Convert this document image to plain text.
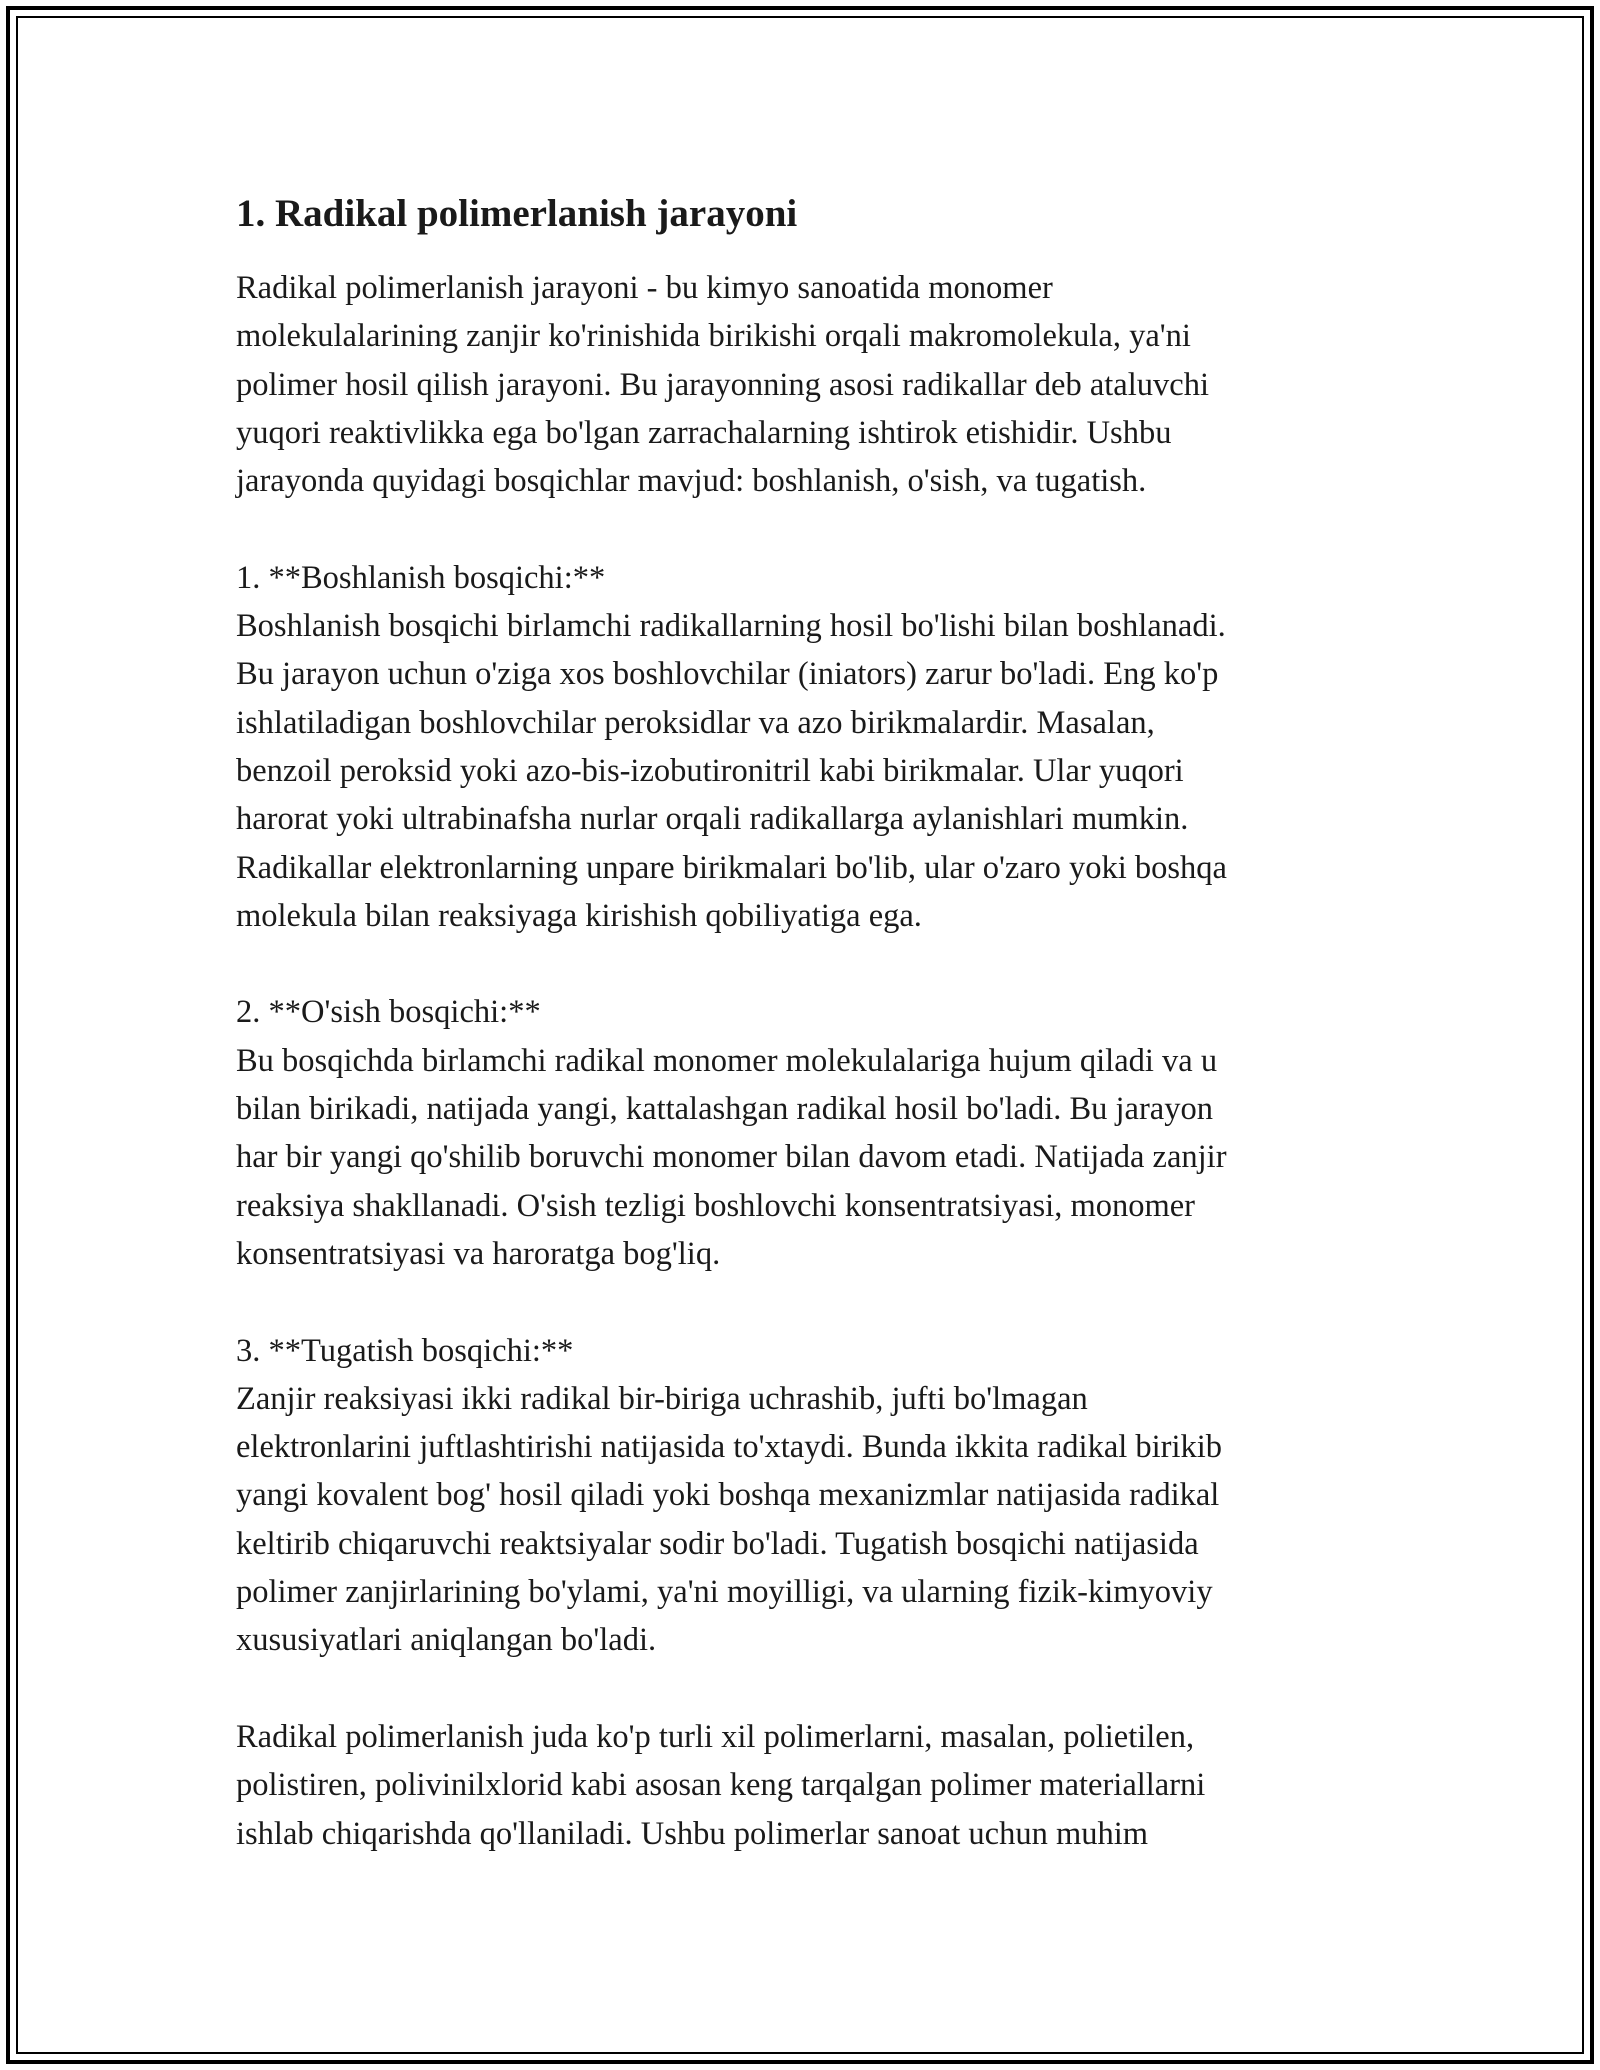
1. Radikal polimerlanish jarayoni

Radikal polimerlanish jarayoni - bu kimyo sanoatida monomer
molekulalarining zanjir ko'rinishida birikishi orqali makromolekula, ya'ni
polimer hosil qilish jarayoni. Bu jarayonning asosi radikallar deb ataluvchi
yuqori reaktivlikka ega bo'lgan zarrachalarning ishtirok etishidir. Ushbu
jarayonda quyidagi bosqichlar mavjud: boshlanish, o'sish, va tugatish.

1. **Boshlanish bosqichi:**

Boshlanish bosqichi birlamchi radikallarning hosil bo'lishi bilan boshlanadi.
Bu jarayon uchun o'ziga xos boshlovchilar (iniators) zarur bo'ladi. Eng ko'p
ishlatiladigan boshlovchilar peroksidlar va azo birikmalardir. Masalan,
benzoil peroksid yoki azo-bis-izobutironitril kabi birikmalar. Ular yuqori
harorat yoki ultrabinafsha nurlar orqali radikallarga aylanishlari mumkin.
Radikallar elektronlarning unpare birikmalari bo'lib, ular o'zaro yoki boshqa
molekula bilan reaksiyaga kirishish qobiliyatiga ega.

2. **O'sish bosqichi:**

Bu bosqichda birlamchi radikal monomer molekulalariga hujum qiladi va u
bilan birikadi, natijada yangi, kattalashgan radikal hosil bo'ladi. Bu jarayon
har bir yangi qo'shilib boruvchi monomer bilan davom etadi. Natijada zanjir
reaksiya shakllanadi. O'sish tezligi boshlovchi konsentratsiyasi, monomer
konsentratsiyasi va haroratga bog'liq.

3. **Tugatish bosqichi:**

Zanjir reaksiyasi ikki radikal bir-biriga uchrashib, jufti bo'lmagan
elektronlarini juftlashtirishi natijasida to'xtaydi. Bunda ikkita radikal birikib
yangi kovalent bog' hosil qiladi yoki boshqa mexanizmlar natijasida radikal
keltirib chiqaruvchi reaktsiyalar sodir bo'ladi. Tugatish bosqichi natijasida
polimer zanjirlarining bo'ylami, ya'ni moyilligi, va ularning fizik-kimyoviy
xususiyatlari aniqlangan bo'ladi.

Radikal polimerlanish juda ko'p turli xil polimerlarni, masalan, polietilen,
polistiren, polivinilxlorid kabi asosan keng tarqalgan polimer materiallarni
ishlab chiqarishda qo'llaniladi. Ushbu polimerlar sanoat uchun muhim
